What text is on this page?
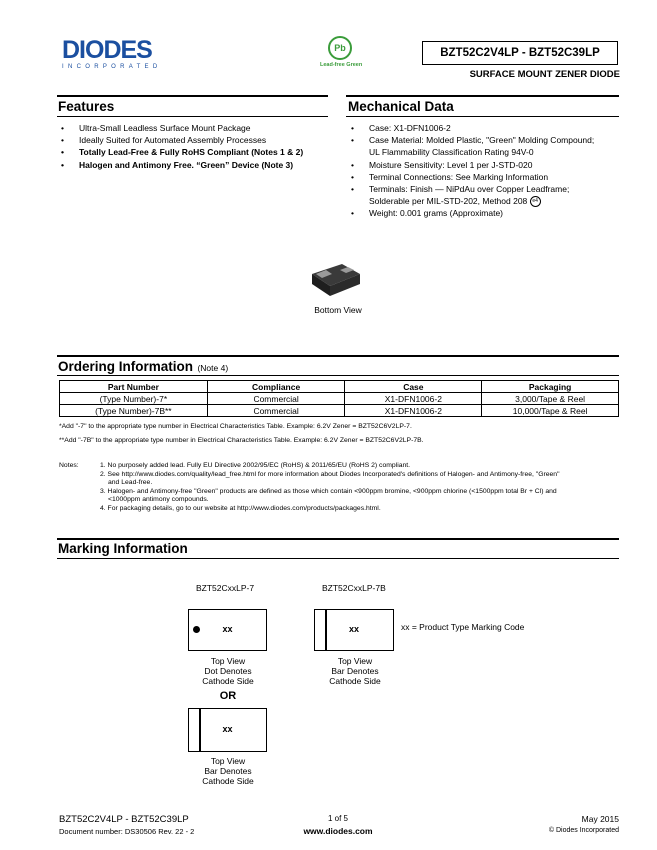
DIODES
INCORPORATED
Pb
Lead-free Green
BZT52C2V4LP - BZT52C39LP
SURFACE MOUNT ZENER DIODE
Features
• Ultra-Small Leadless Surface Mount Package
• Ideally Suited for Automated Assembly Processes
• Totally Lead-Free & Fully RoHS Compliant (Notes 1 & 2)
• Halogen and Antimony Free. “Green” Device (Note 3)
Mechanical Data
• Case: X1-DFN1006-2
• Case Material: Molded Plastic, "Green" Molding Compound;
UL Flammability Classification Rating 94V-0
• Moisture Sensitivity: Level 1 per J-STD-020
• Terminal Connections: See Marking Information
• Terminals: Finish — NiPdAu over Copper Leadframe;
Solderable per MIL-STD-202, Method 208 e4
• Weight: 0.001 grams (Approximate)
Bottom View
Ordering Information (Note 4)
Part Number	Compliance	Case	Packaging
(Type Number)-7*	Commercial	X1-DFN1006-2	3,000/Tape & Reel
(Type Number)-7B**	Commercial	X1-DFN1006-2	10,000/Tape & Reel
*Add "-7" to the appropriate type number in Electrical Characteristics Table. Example: 6.2V Zener = BZT52C6V2LP-7.
**Add "-7B" to the appropriate type number in Electrical Characteristics Table. Example: 6.2V Zener = BZT52C6V2LP-7B.
Notes:	1. No purposely added lead. Fully EU Directive 2002/95/EC (RoHS) & 2011/65/EU (RoHS 2) compliant.
2. See http://www.diodes.com/quality/lead_free.html for more information about Diodes Incorporated's definitions of Halogen- and Antimony-free, "Green"
and Lead-free.
3. Halogen- and Antimony-free "Green" products are defined as those which contain <900ppm bromine, <900ppm chlorine (<1500ppm total Br + Cl) and
<1000ppm antimony compounds.
4. For packaging details, go to our website at http://www.diodes.com/products/packages.html.
Marking Information
BZT52CxxLP-7	BZT52CxxLP-7B
xx
Top View
Dot Denotes
Cathode Side
xx
Top View
Bar Denotes
Cathode Side
xx = Product Type Marking Code
OR
xx
Top View
Bar Denotes
Cathode Side
BZT52C2V4LP - BZT52C39LP
Document number: DS30506 Rev. 22 - 2
1 of 5
www.diodes.com
May 2015
© Diodes Incorporated
